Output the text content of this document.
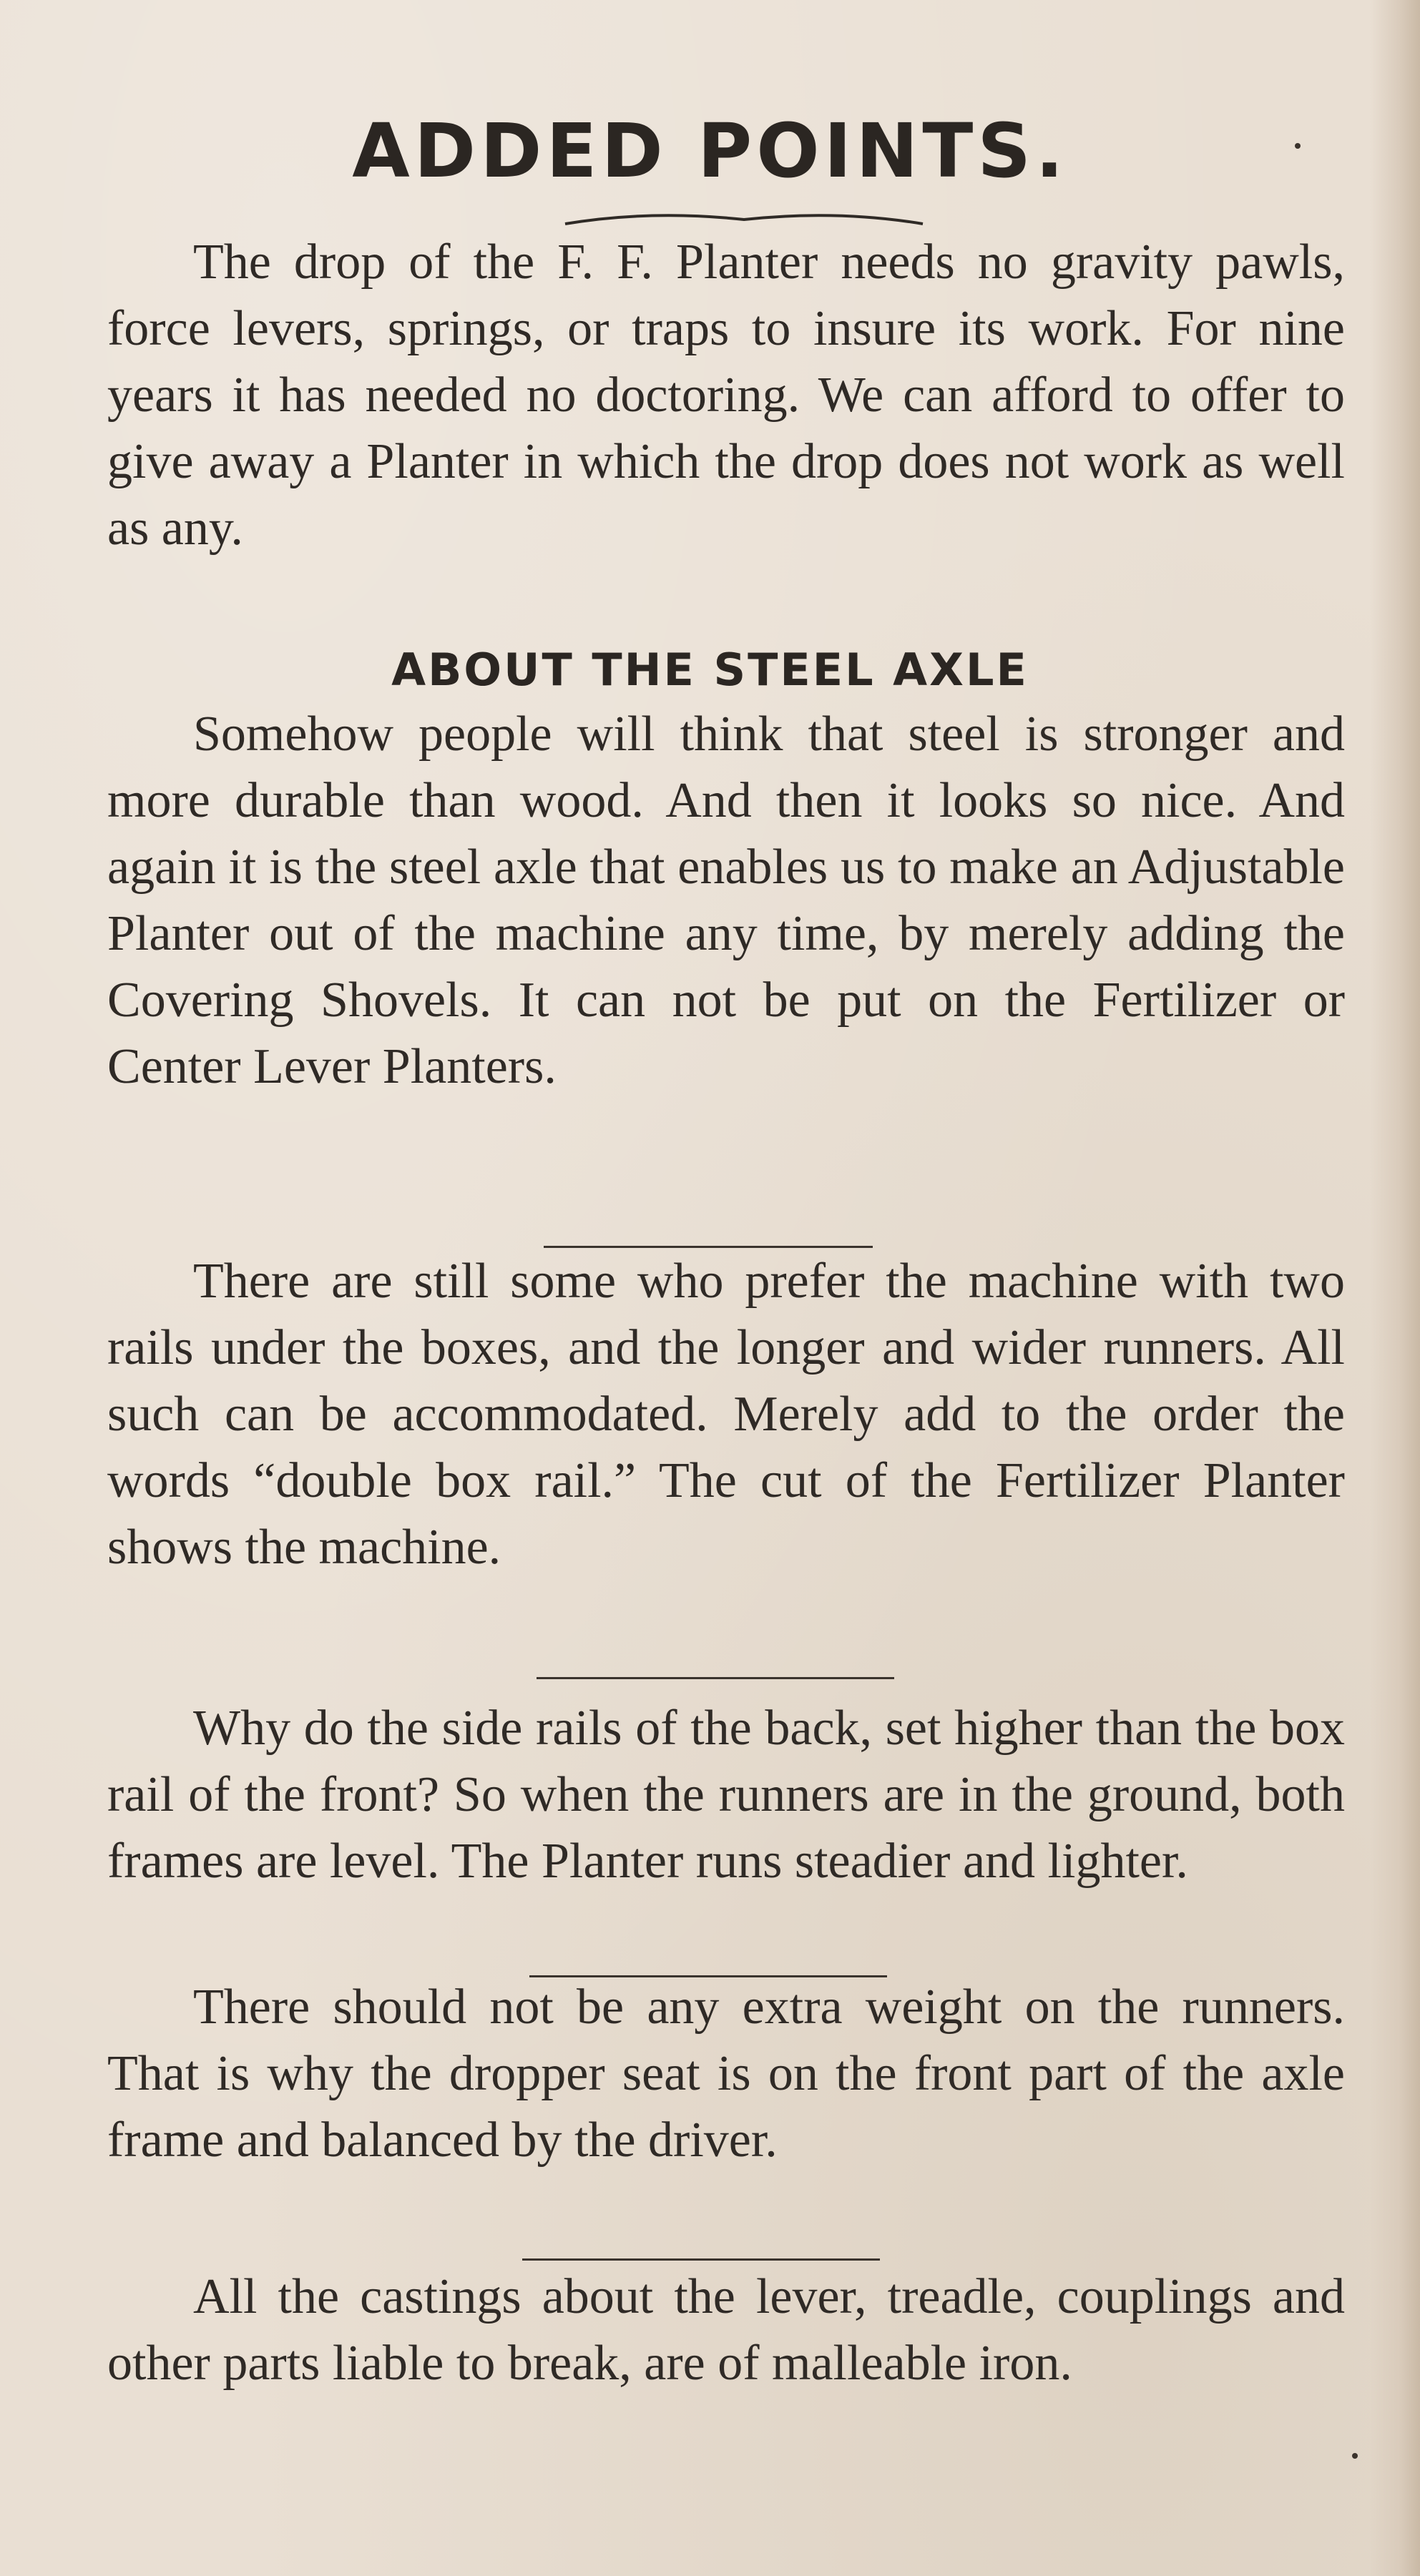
ADDED POINTS.
The drop of the F. F. Planter needs no gravity pawls, force levers, springs, or traps to insure its work. For nine years it has needed no doctoring. We can afford to offer to give away a Planter in which the drop does not work as well as any.
ABOUT THE STEEL AXLE
Somehow people will think that steel is stronger and more durable than wood. And then it looks so nice. And again it is the steel axle that enables us to make an Adjustable Planter out of the machine any time, by merely adding the Covering Shovels. It can not be put on the Fertilizer or Center Lever Planters.
There are still some who prefer the machine with two rails under the boxes, and the longer and wider runners. All such can be accommodated. Merely add to the order the words “double box rail.” The cut of the Fertilizer Planter shows the machine.
Why do the side rails of the back, set higher than the box rail of the front? So when the runners are in the ground, both frames are level. The Planter runs steadier and lighter.
There should not be any extra weight on the runners. That is why the dropper seat is on the front part of the axle frame and balanced by the driver.
All the castings about the lever, treadle, couplings and other parts liable to break, are of malleable iron.
